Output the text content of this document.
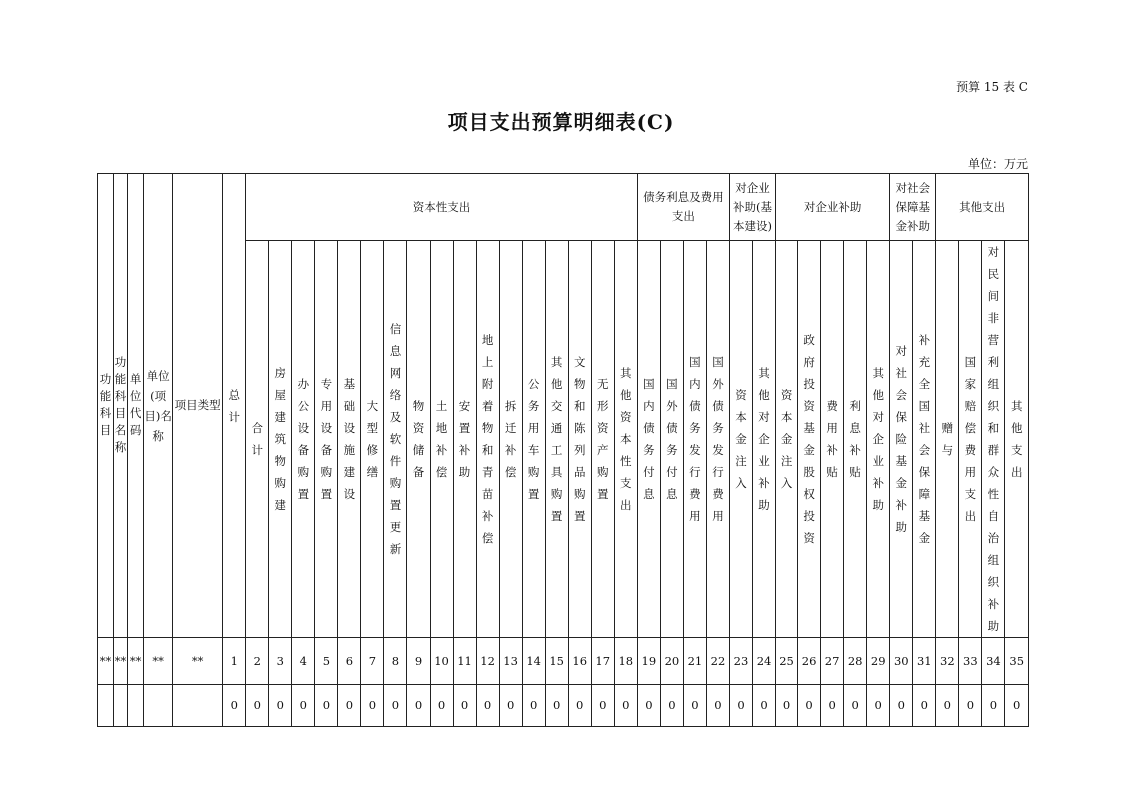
预算 15 表 C
项目支出预算明细表(C)
单位：万元
功能科目	功能科目名称	单位代码	单位(项目)名称	项目类型	总计	资本性支出																	债务利息及费用支出				对企业补助(基本建设)		对企业补助					对社会保障基金补助		其他支出			
						合计	房屋建筑物购建	办公设备购置	专用设备购置	基础设施建设	大型修缮	信息网络及软件购置更新	物资储备	土地补偿	安置补助	地上附着物和青苗补偿	拆迁补偿	公务用车购置	其他交通工具购置	文物和陈列品购置	无形资产购置	其他资本性支出	国内债务付息	国外债务付息	国内债务发行费用	国外债务发行费用	资本金注入	其他对企业补助	资本金注入	政府投资基金股权投资	费用补贴	利息补贴	其他对企业补助	对社会保险基金补助	补充全国社会保障基金	赠与	国家赔偿费用支出	对民间非营利组织和群众性自治组织补助	其他支出
**	**	**	**	**	1	2	3	4	5	6	7	8	9	10	11	12	13	14	15	16	17	18	19	20	21	22	23	24	25	26	27	28	29	30	31	32	33	34	35
					0	0	0	0	0	0	0	0	0	0	0	0	0	0	0	0	0	0	0	0	0	0	0	0	0	0	0	0	0	0	0	0	0	0	0
